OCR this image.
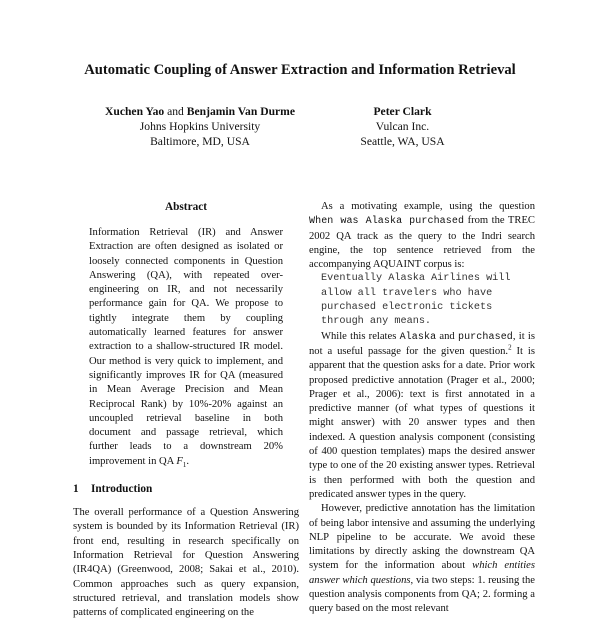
Automatic Coupling of Answer Extraction and Information Retrieval
Xuchen Yao and Benjamin Van Durme
Johns Hopkins University
Baltimore, MD, USA
Peter Clark
Vulcan Inc.
Seattle, WA, USA
Abstract

Information Retrieval (IR) and Answer Extraction are often designed as isolated or loosely connected components in Question Answering (QA), with repeated over-engineering on IR, and not necessarily performance gain for QA. We propose to tightly integrate them by coupling automatically learned features for answer extraction to a shallow-structured IR model. Our method is very quick to implement, and significantly improves IR for QA (measured in Mean Average Precision and Mean Reciprocal Rank) by 10%-20% against an uncoupled retrieval baseline in both document and passage retrieval, which further leads to a downstream 20% improvement in QA $F_1$.

1 Introduction

The overall performance of a Question Answering system is bounded by its Information Retrieval (IR) front end, resulting in research specifically on Information Retrieval for Question Answering (IR4QA) (Greenwood, 2008; Sakai et al., 2010). Common approaches such as query expansion, structured retrieval, and translation models show patterns of complicated engineering on the

As a motivating example, using the question When was Alaska purchased from the TREC 2002 QA track as the query to the Indri search engine, the top sentence retrieved from the accompanying AQUAINT corpus is:

Eventually Alaska Airlines will allow all travelers who have purchased electronic tickets through any means.

While this relates Alaska and purchased, it is not a useful passage for the given question.$^2$ It is apparent that the question asks for a date. Prior work proposed predictive annotation (Prager et al., 2000; Prager et al., 2006): text is first annotated in a predictive manner (of what types of questions it might answer) with 20 answer types and then indexed. A question analysis component (consisting of 400 question templates) maps the desired answer type to one of the 20 existing answer types. Retrieval is then performed with both the question and predicated answer types in the query.

However, predictive annotation has the limitation of being labor intensive and assuming the underlying NLP pipeline to be accurate. We avoid these limitations by directly asking the downstream QA system for the information about which entities answer which questions, via two steps: 1. reusing the question analysis components from QA; 2. forming a query based on the most relevant
